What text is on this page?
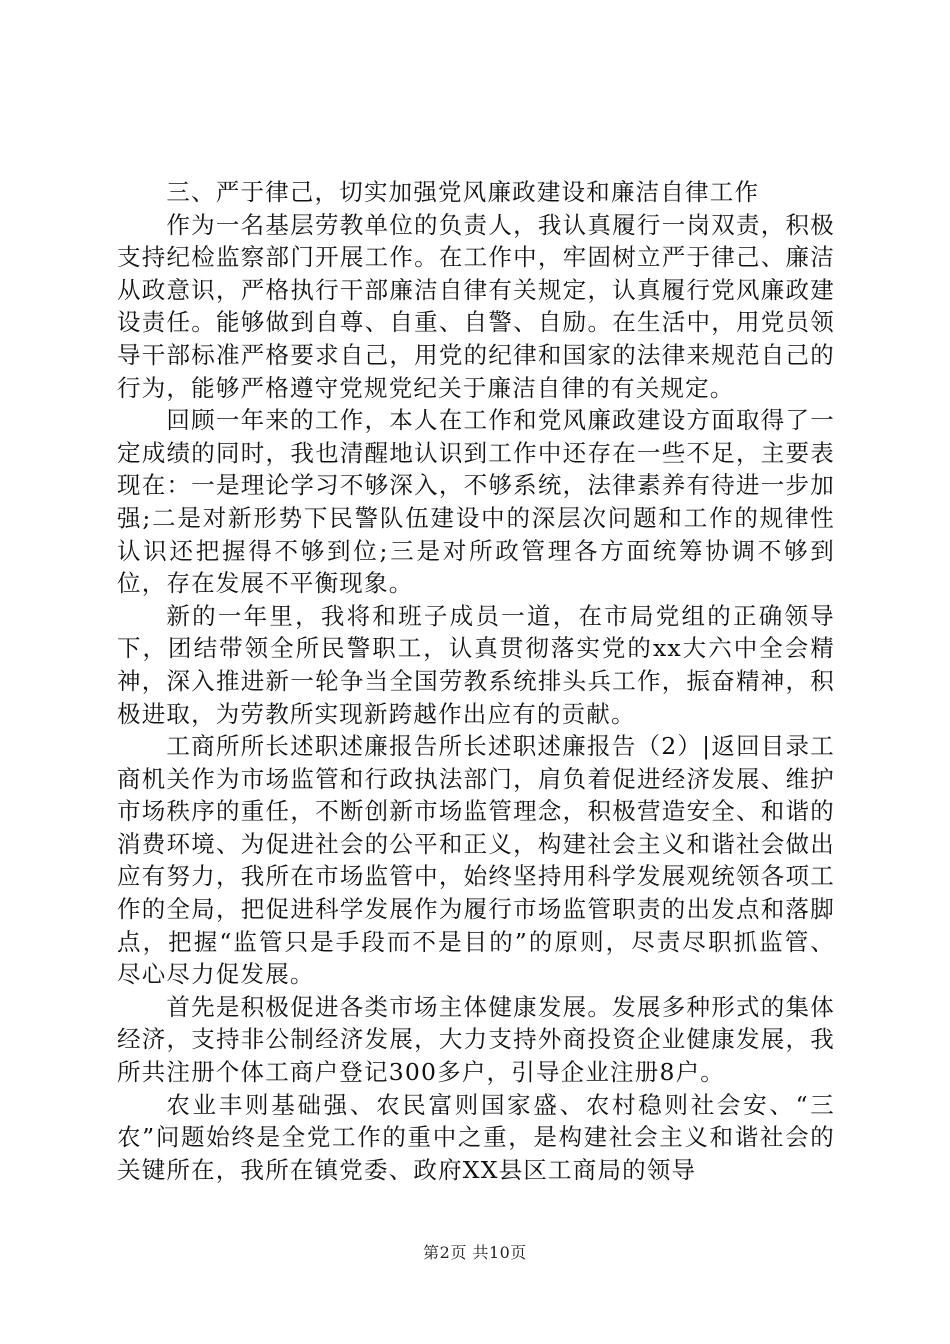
三、严于律己，切实加强党风廉政建设和廉洁自律工作

作为一名基层劳教单位的负责人，我认真履行一岗双责，积极支持纪检监察部门开展工作。在工作中，牢固树立严于律己、廉洁从政意识，严格执行干部廉洁自律有关规定，认真履行党风廉政建设责任。能够做到自尊、自重、自警、自励。在生活中，用党员领导干部标准严格要求自己，用党的纪律和国家的法律来规范自己的行为，能够严格遵守党规党纪关于廉洁自律的有关规定。

回顾一年来的工作，本人在工作和党风廉政建设方面取得了一定成绩的同时，我也清醒地认识到工作中还存在一些不足，主要表现在：一是理论学习不够深入，不够系统，法律素养有待进一步加强;二是对新形势下民警队伍建设中的深层次问题和工作的规律性认识还把握得不够到位;三是对所政管理各方面统筹协调不够到位，存在发展不平衡现象。

新的一年里，我将和班子成员一道，在市局党组的正确领导下，团结带领全所民警职工，认真贯彻落实党的xx大六中全会精神，深入推进新一轮争当全国劳教系统排头兵工作，振奋精神，积极进取，为劳教所实现新跨越作出应有的贡献。

工商所所长述职述廉报告所长述职述廉报告（2）|返回目录工商机关作为市场监管和行政执法部门，肩负着促进经济发展、维护市场秩序的重任，不断创新市场监管理念，积极营造安全、和谐的消费环境、为促进社会的公平和正义，构建社会主义和谐社会做出应有努力，我所在市场监管中，始终坚持用科学发展观统领各项工作的全局，把促进科学发展作为履行市场监管职责的出发点和落脚点，把握“监管只是手段而不是目的”的原则，尽责尽职抓监管、尽心尽力促发展。

首先是积极促进各类市场主体健康发展。发展多种形式的集体经济，支持非公制经济发展，大力支持外商投资企业健康发展，我所共注册个体工商户登记300多户，引导企业注册8户。

农业丰则基础强、农民富则国家盛、农村稳则社会安、“三农”问题始终是全党工作的重中之重，是构建社会主义和谐社会的关键所在，我所在镇党委、政府XX县区工商局的领导

第2页 共10页
